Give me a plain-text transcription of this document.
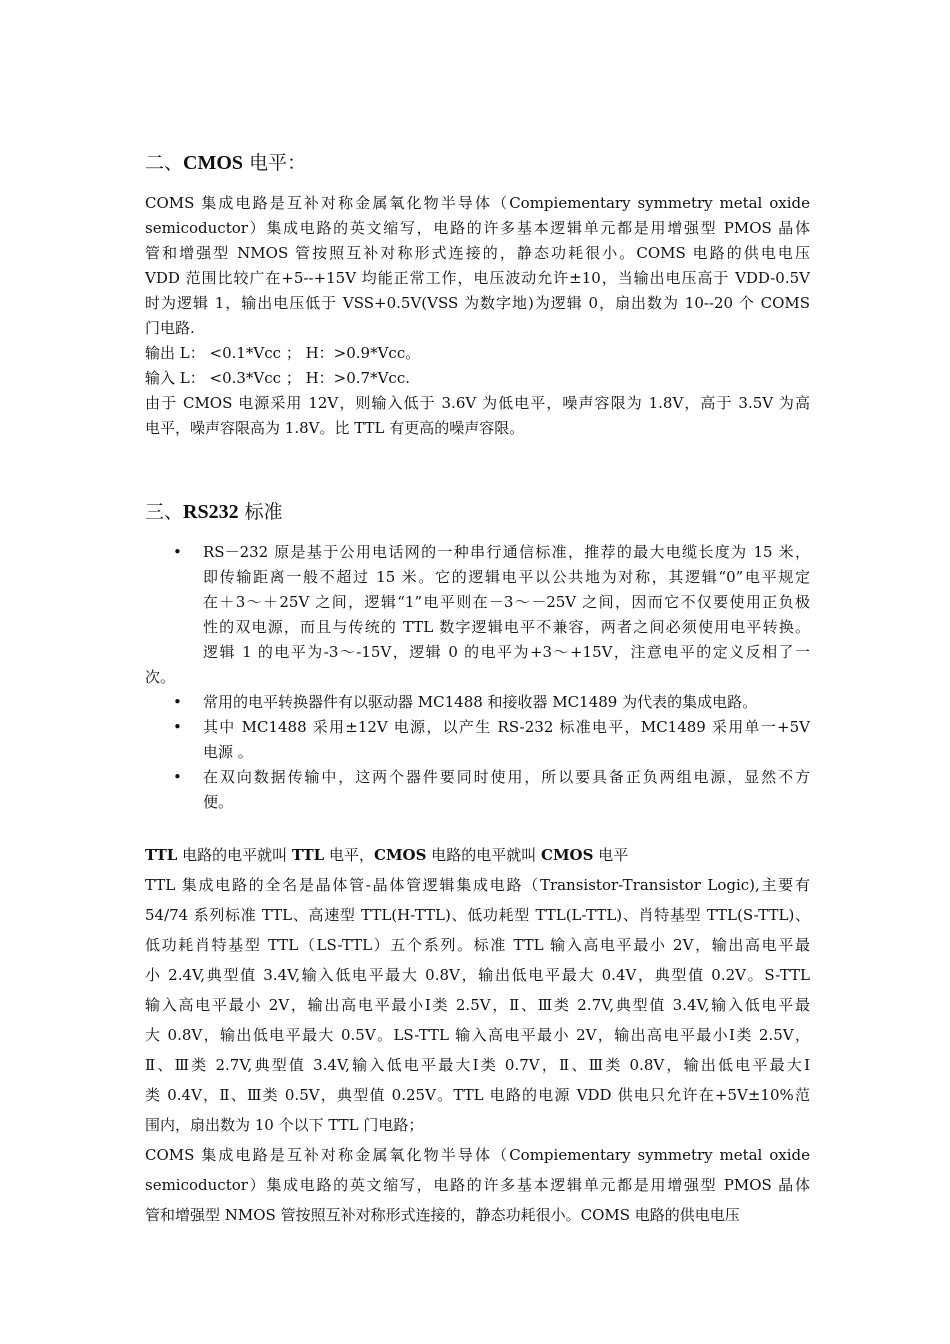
二、CMOS 电平：
COMS 集成电路是互补对称金属氧化物半导体（Compiementary symmetry metal oxide
semicoductor）集成电路的英文缩写，电路的许多基本逻辑单元都是用增强型 PMOS 晶体
管和增强型 NMOS 管按照互补对称形式连接的，静态功耗很小。COMS 电路的供电电压
VDD 范围比较广在+5--+15V 均能正常工作，电压波动允许±10，当输出电压高于 VDD-0.5V
时为逻辑 1，输出电压低于 VSS+0.5V(VSS 为数字地)为逻辑 0，扇出数为 10--20 个 COMS
门电路.
输出 L： <0.1*Vcc ； H：>0.9*Vcc。
输入 L： <0.3*Vcc ； H：>0.7*Vcc.
由于 CMOS 电源采用 12V，则输入低于 3.6V 为低电平，噪声容限为 1.8V，高于 3.5V 为高
电平，噪声容限高为 1.8V。比 TTL 有更高的噪声容限。
三、RS232 标准
• RS－232 原是基于公用电话网的一种串行通信标准，推荐的最大电缆长度为 15 米，
即传输距离一般不超过 15 米。它的逻辑电平以公共地为对称，其逻辑“0”电平规定
在＋3～＋25V 之间，逻辑“1”电平则在－3～－25V 之间，因而它不仅要使用正负极
性的双电源，而且与传统的 TTL 数字逻辑电平不兼容，两者之间必须使用电平转换。
逻辑 1 的电平为-3～-15V，逻辑 0 的电平为+3～+15V，注意电平的定义反相了一
次。
• 常用的电平转换器件有以驱动器 MC1488 和接收器 MC1489 为代表的集成电路。
• 其中 MC1488 采用±12V 电源，以产生 RS-232 标准电平，MC1489 采用单一+5V
电源 。
• 在双向数据传输中，这两个器件要同时使用，所以要具备正负两组电源，显然不方
便。
TTL 电路的电平就叫 TTL 电平，CMOS 电路的电平就叫 CMOS 电平
TTL 集成电路的全名是晶体管-晶体管逻辑集成电路（Transistor-Transistor Logic),主要有
54/74 系列标准 TTL、高速型 TTL(H-TTL)、低功耗型 TTL(L-TTL)、肖特基型 TTL(S-TTL)、
低功耗肖特基型 TTL（LS-TTL）五个系列。标准 TTL 输入高电平最小 2V，输出高电平最
小 2.4V,典型值 3.4V,输入低电平最大 0.8V，输出低电平最大 0.4V，典型值 0.2V。S-TTL
输入高电平最小 2V，输出高电平最小Ⅰ类 2.5V，Ⅱ、Ⅲ类 2.7V,典型值 3.4V,输入低电平最
大 0.8V，输出低电平最大 0.5V。LS-TTL 输入高电平最小 2V，输出高电平最小Ⅰ类 2.5V，
Ⅱ、Ⅲ类 2.7V,典型值 3.4V,输入低电平最大Ⅰ类 0.7V，Ⅱ、Ⅲ类 0.8V，输出低电平最大Ⅰ
类 0.4V，Ⅱ、Ⅲ类 0.5V，典型值 0.25V。TTL 电路的电源 VDD 供电只允许在+5V±10%范
围内，扇出数为 10 个以下 TTL 门电路；
COMS 集成电路是互补对称金属氧化物半导体（Compiementary symmetry metal oxide
semicoductor）集成电路的英文缩写，电路的许多基本逻辑单元都是用增强型 PMOS 晶体
管和增强型 NMOS 管按照互补对称形式连接的，静态功耗很小。COMS 电路的供电电压
